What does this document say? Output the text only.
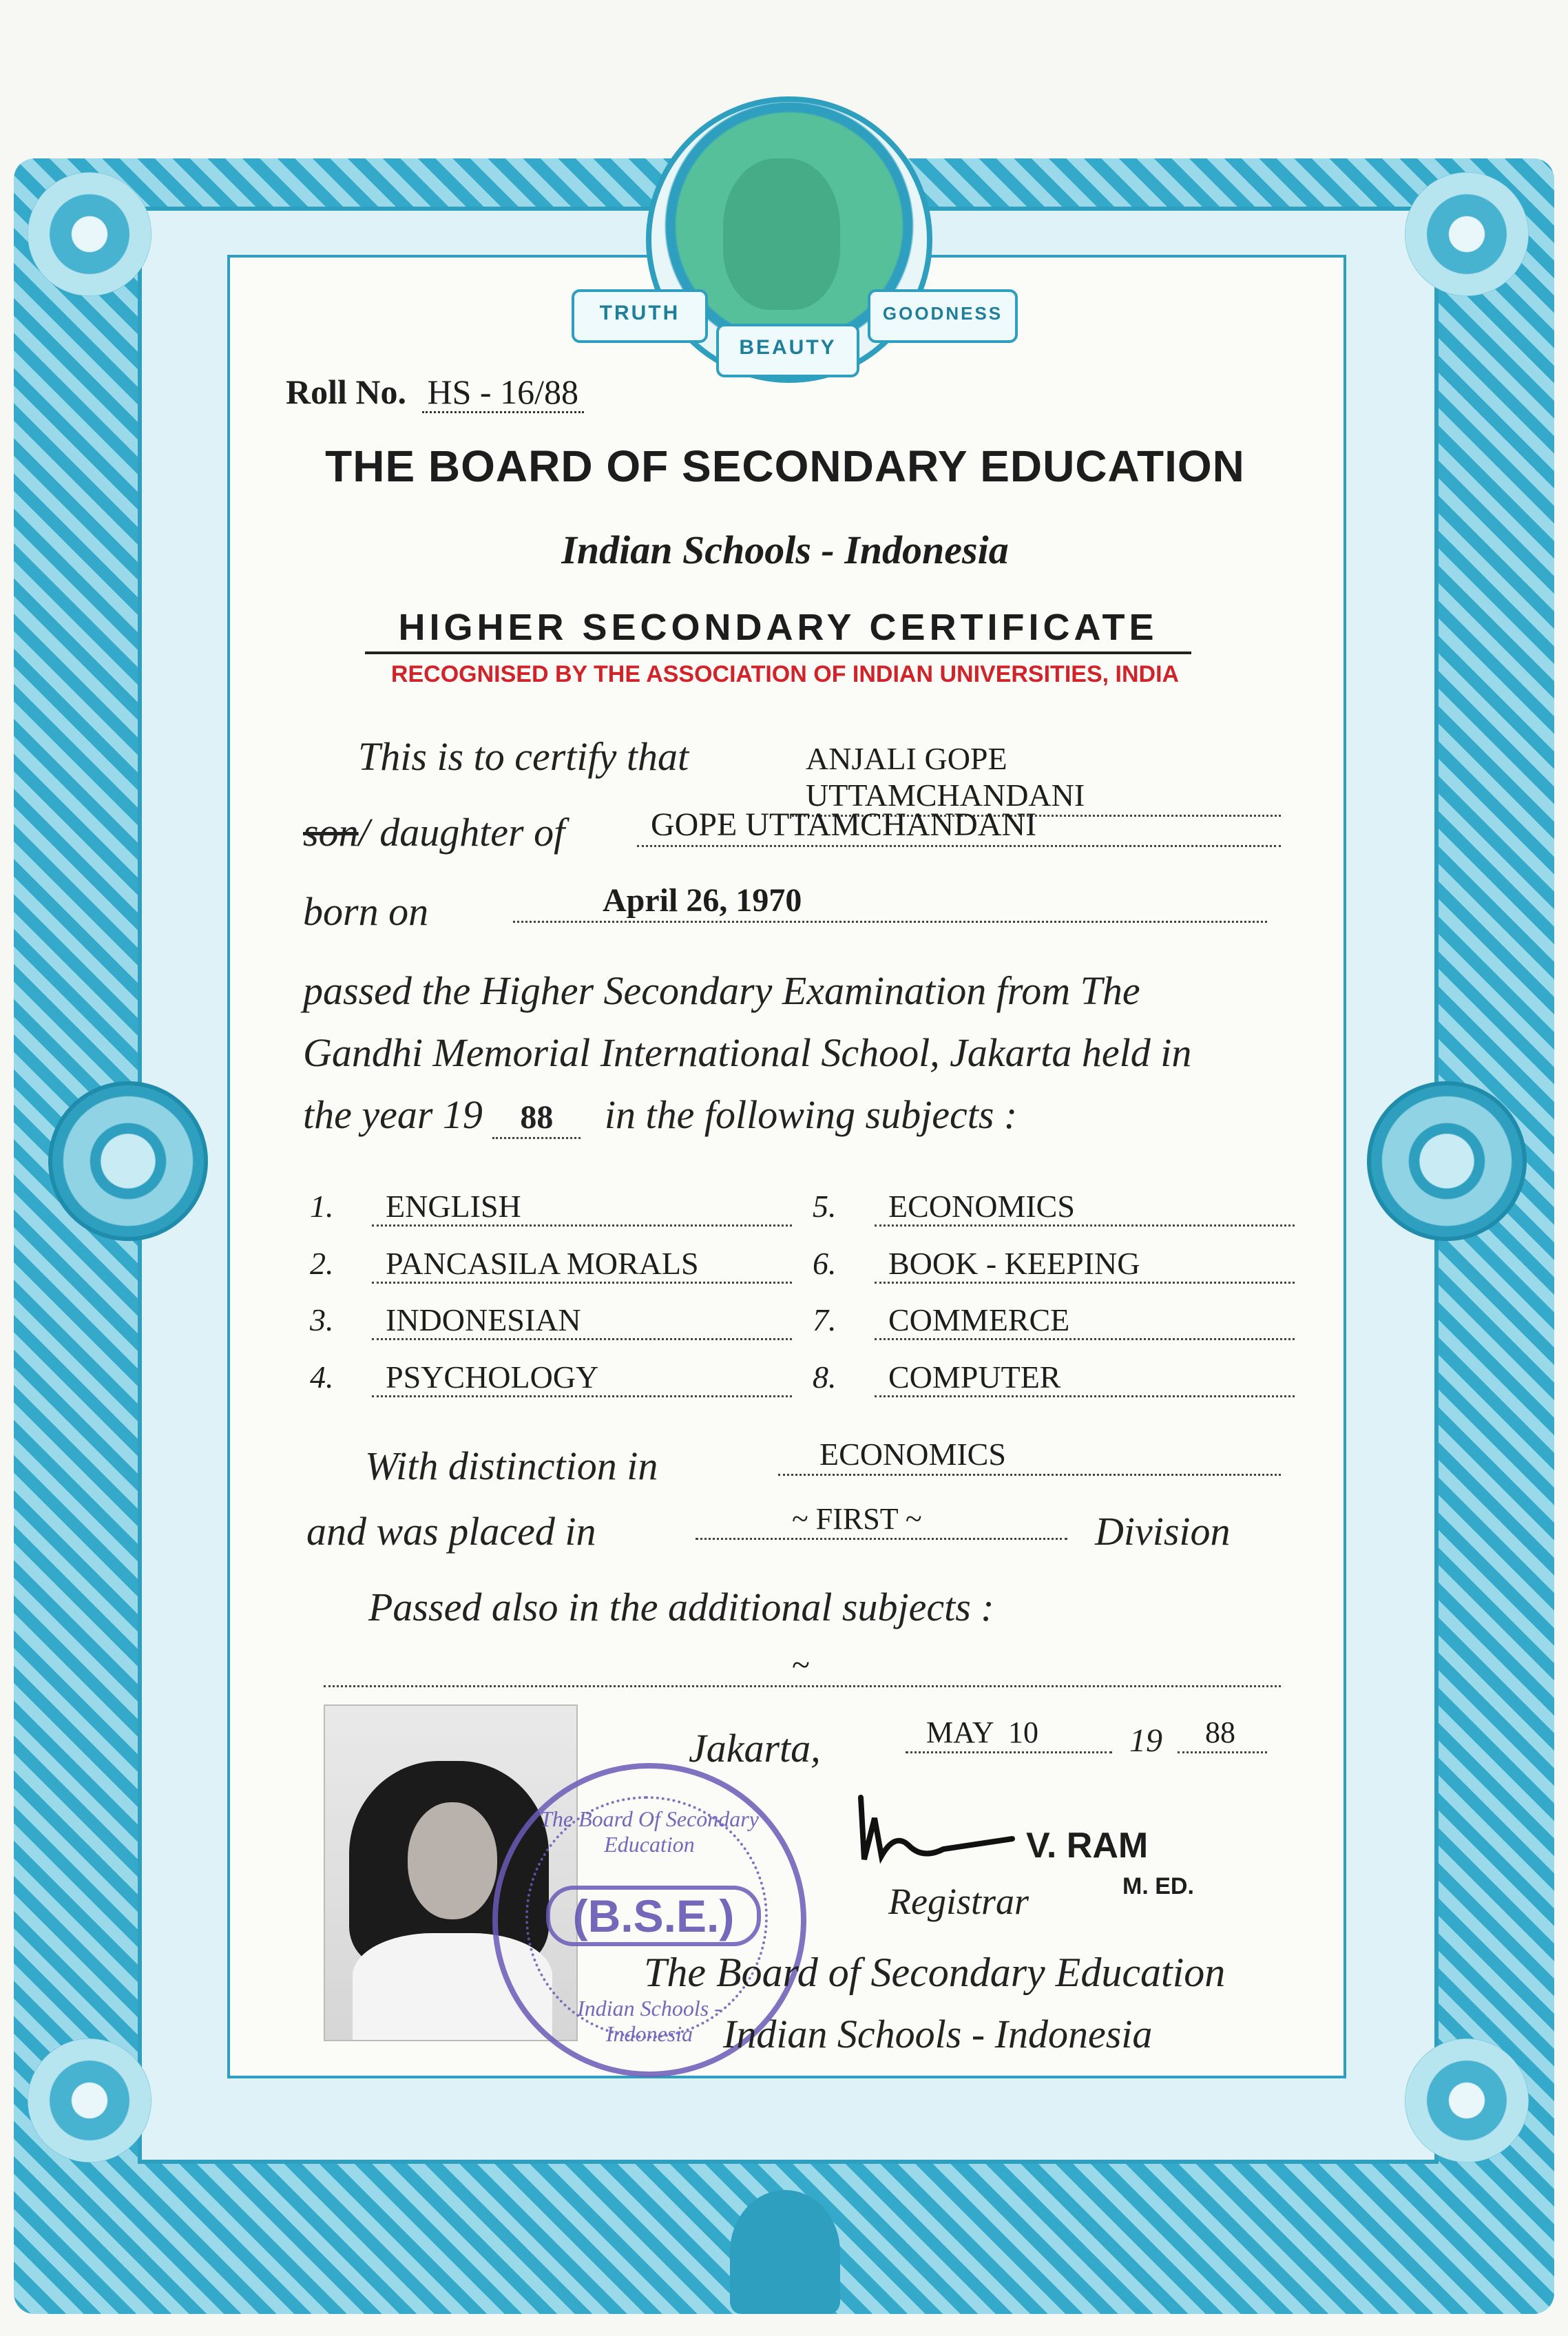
TRUTH
BEAUTY
GOODNESS
Roll No. HS - 16/88
THE BOARD OF SECONDARY EDUCATION
Indian Schools - Indonesia
HIGHER SECONDARY CERTIFICATE
RECOGNISED BY THE ASSOCIATION OF INDIAN UNIVERSITIES, INDIA
This is to certify that	ANJALI GOPE UTTAMCHANDANI
son/ daughter of	GOPE UTTAMCHANDANI
born on	April 26, 1970
passed the Higher Secondary Examination from The
Gandhi Memorial International School, Jakarta held in
the year 19 88 in the following subjects :
1. ENGLISH
2. PANCASILA MORALS
3. INDONESIAN
4. PSYCHOLOGY
5. ECONOMICS
6. BOOK - KEEPING
7. COMMERCE
8. COMPUTER
With distinction in	ECONOMICS
and was placed in	~ FIRST ~	Division
Passed also in the additional subjects :
~
Jakarta,	MAY  10	19	88
The Board Of Secondary Education
(B.S.E.)
Indian Schools - Indonesia
V. RAM
M. ED.
Registrar
The Board of Secondary Education
Indian Schools - Indonesia
